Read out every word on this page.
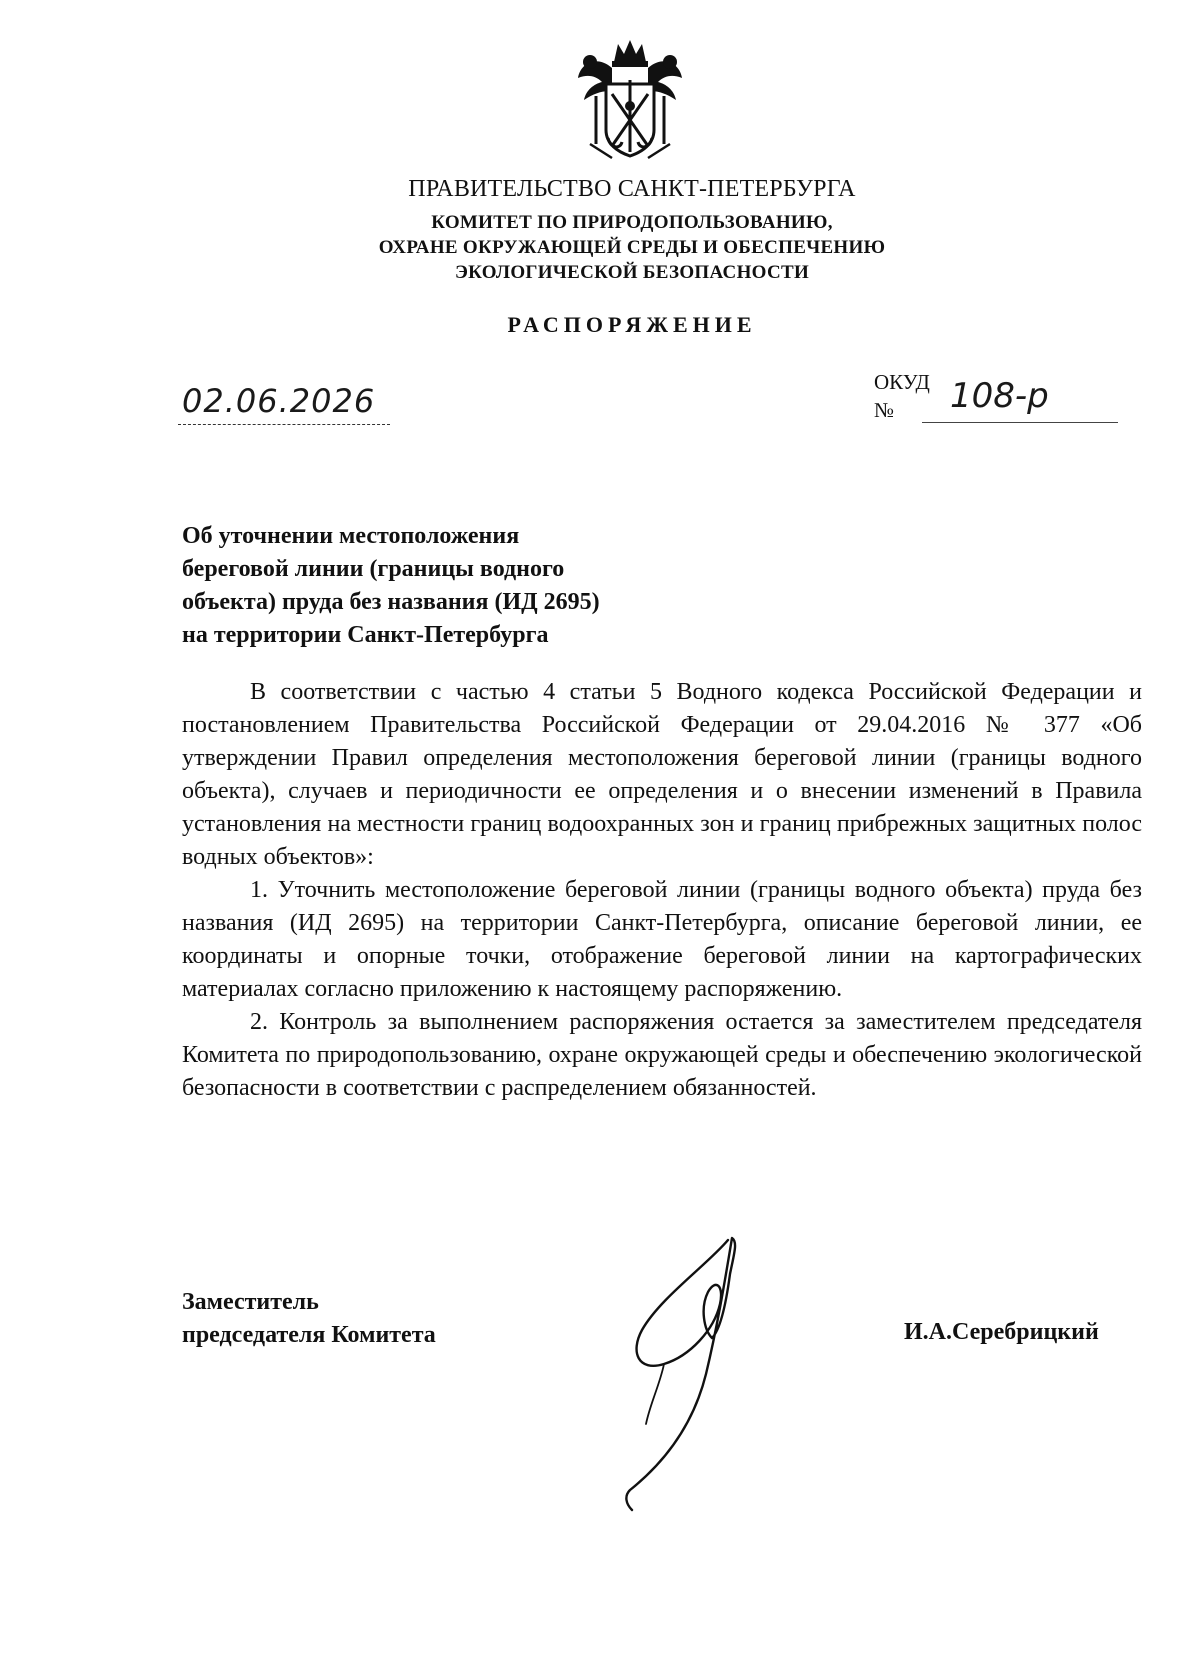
ПРАВИТЕЛЬСТВО САНКТ-ПЕТЕРБУРГА
КОМИТЕТ ПО ПРИРОДОПОЛЬЗОВАНИЮ,
ОХРАНЕ ОКРУЖАЮЩЕЙ СРЕДЫ И ОБЕСПЕЧЕНИЮ
ЭКОЛОГИЧЕСКОЙ БЕЗОПАСНОСТИ
РАСПОРЯЖЕНИЕ
02.06.2026	ОКУД
№ 108-р
Об уточнении местоположения
береговой линии (границы водного
объекта) пруда без названия (ИД 2695)
на территории Санкт-Петербурга

В соответствии с частью 4 статьи 5 Водного кодекса Российской Федерации и постановлением Правительства Российской Федерации от 29.04.2016 № 377 «Об утверждении Правил определения местоположения береговой линии (границы водного объекта), случаев и периодичности ее определения и о внесении изменений в Правила установления на местности границ водоохранных зон и границ прибрежных защитных полос водных объектов»:

1. Уточнить местоположение береговой линии (границы водного объекта) пруда без названия (ИД 2695) на территории Санкт-Петербурга, описание береговой линии, ее координаты и опорные точки, отображение береговой линии на картографических материалах согласно приложению к настоящему распоряжению.

2. Контроль за выполнением распоряжения остается за заместителем председателя Комитета по природопользованию, охране окружающей среды и обеспечению экологической безопасности в соответствии с распределением обязанностей.

Заместитель
председателя Комитета	И.А.Серебрицкий
